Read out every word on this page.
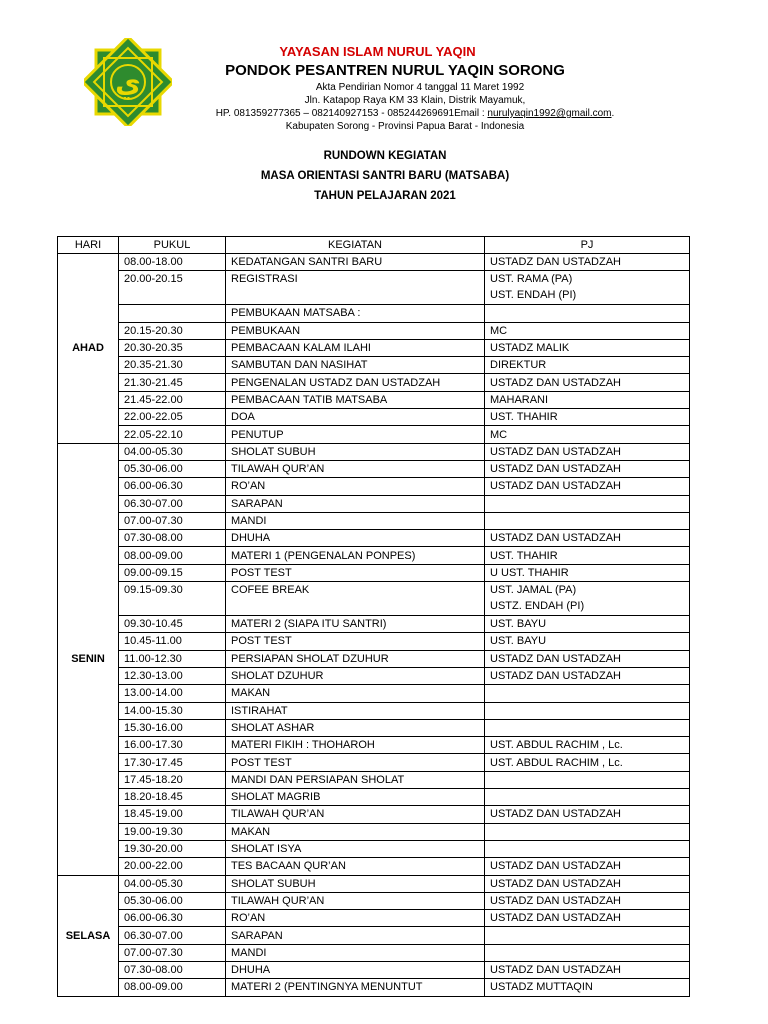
ي
YAYASAN ISLAM NURUL YAQIN
PONDOK PESANTREN NURUL YAQIN SORONG
Akta Pendirian Nomor 4 tanggal 11 Maret 1992
Jln. Katapop Raya KM 33 Klain, Distrik Mayamuk,
HP. 081359277365 – 082140927153 - 085244269691Email : nurulyaqin1992@gmail.com.
Kabupaten Sorong - Provinsi Papua Barat - Indonesia
RUNDOWN KEGIATAN
MASA ORIENTASI SANTRI BARU (MATSABA)
TAHUN PELAJARAN 2021
HARI	PUKUL	KEGIATAN	PJ
AHAD	08.00-18.00	KEDATANGAN SANTRI BARU	USTADZ DAN USTADZAH
	20.00-20.15	REGISTRASI	UST. RAMA (PA)
UST. ENDAH (PI)

		PEMBUKAAN MATSABA :	
	20.15-20.30	PEMBUKAAN	MC
	20.30-20.35	PEMBACAAN KALAM ILAHI	USTADZ MALIK
	20.35-21.30	SAMBUTAN DAN NASIHAT	DIREKTUR
	21.30-21.45	PENGENALAN USTADZ DAN USTADZAH	USTADZ DAN USTADZAH
	21.45-22.00	PEMBACAAN TATIB MATSABA	MAHARANI
	22.00-22.05	DOA	UST. THAHIR
	22.05-22.10	PENUTUP	MC
SENIN	04.00-05.30	SHOLAT SUBUH	USTADZ DAN USTADZAH
	05.30-06.00	TILAWAH QUR’AN	USTADZ DAN USTADZAH
	06.00-06.30	RO’AN	USTADZ DAN USTADZAH
	06.30-07.00	SARAPAN	
	07.00-07.30	MANDI	
	07.30-08.00	DHUHA	USTADZ DAN USTADZAH
	08.00-09.00	MATERI 1 (PENGENALAN PONPES)	UST. THAHIR
	09.00-09.15	POST TEST	U UST. THAHIR
	09.15-09.30	COFEE BREAK	UST. JAMAL (PA)
USTZ. ENDAH (PI)

	09.30-10.45	MATERI 2 (SIAPA ITU SANTRI)	UST. BAYU
	10.45-11.00	POST TEST	UST. BAYU
	11.00-12.30	PERSIAPAN SHOLAT DZUHUR	USTADZ DAN USTADZAH
	12.30-13.00	SHOLAT DZUHUR	USTADZ DAN USTADZAH
	13.00-14.00	MAKAN	
	14.00-15.30	ISTIRAHAT	
	15.30-16.00	SHOLAT ASHAR	
	16.00-17.30	MATERI FIKIH : THOHAROH	UST. ABDUL RACHIM , Lc.
	17.30-17.45	POST TEST	UST. ABDUL RACHIM , Lc.
	17.45-18.20	MANDI DAN PERSIAPAN SHOLAT	
	18.20-18.45	SHOLAT MAGRIB	
	18.45-19.00	TILAWAH QUR’AN	USTADZ DAN USTADZAH
	19.00-19.30	MAKAN	
	19.30-20.00	SHOLAT ISYA	
	20.00-22.00	TES BACAAN QUR’AN	USTADZ DAN USTADZAH
SELASA	04.00-05.30	SHOLAT SUBUH	USTADZ DAN USTADZAH
	05.30-06.00	TILAWAH QUR’AN	USTADZ DAN USTADZAH
	06.00-06.30	RO’AN	USTADZ DAN USTADZAH
	06.30-07.00	SARAPAN	
	07.00-07.30	MANDI	
	07.30-08.00	DHUHA	USTADZ DAN USTADZAH
	08.00-09.00	MATERI 2 (PENTINGNYA MENUNTUT	USTADZ MUTTAQIN
